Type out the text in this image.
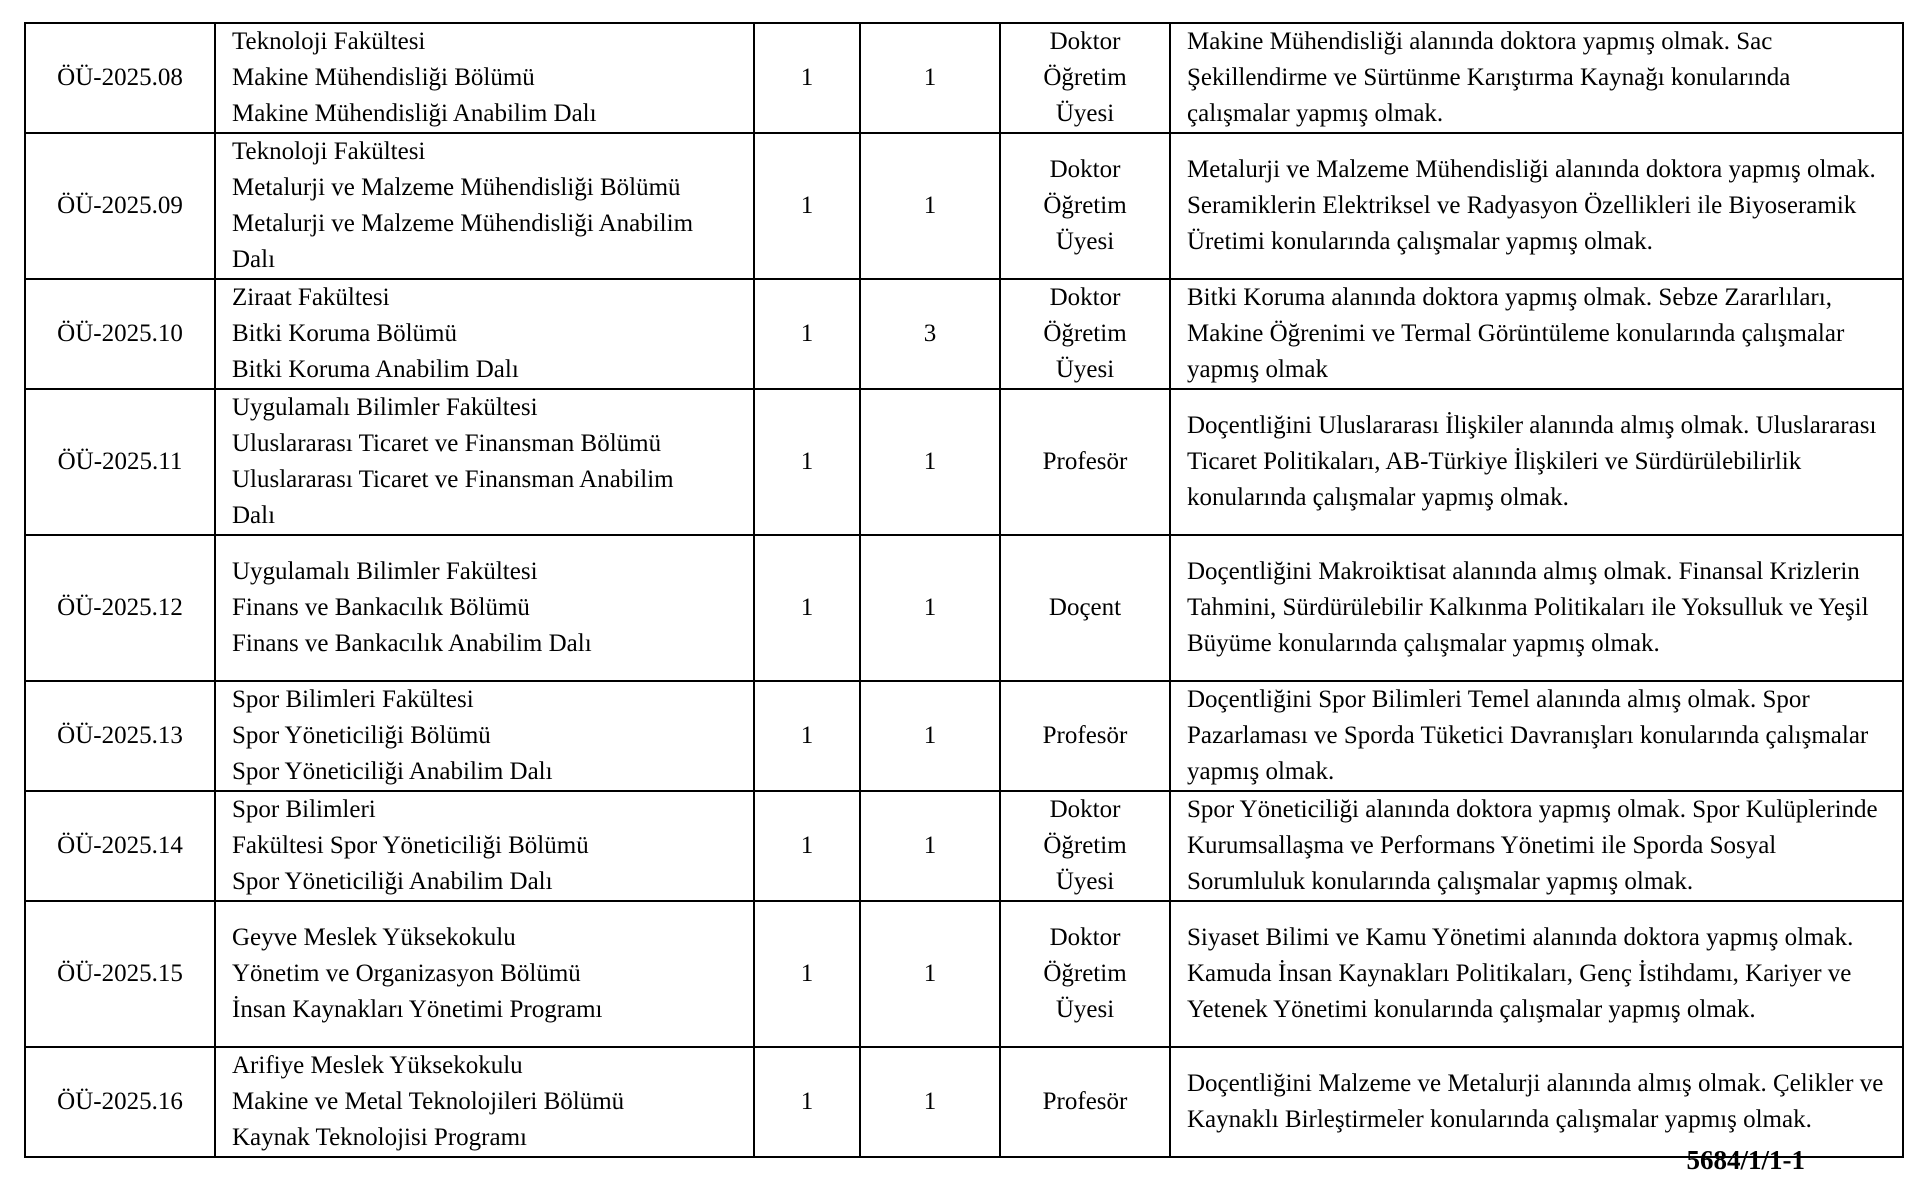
ÖÜ-2025.08	Teknoloji Fakültesi
Makine Mühendisliği Bölümü
Makine Mühendisliği Anabilim Dalı	1	1	Doktor
Öğretim
Üyesi	Makine Mühendisliği alanında doktora yapmış olmak. Sac Şekillendirme ve Sürtünme Karıştırma Kaynağı konularında çalışmalar yapmış olmak.

ÖÜ-2025.09	Teknoloji Fakültesi
Metalurji ve Malzeme Mühendisliği Bölümü
Metalurji ve Malzeme Mühendisliği Anabilim
Dalı	1	1	Doktor
Öğretim
Üyesi	Metalurji ve Malzeme Mühendisliği alanında doktora yapmış olmak. Seramiklerin Elektriksel ve Radyasyon Özellikleri ile Biyoseramik Üretimi konularında çalışmalar yapmış olmak.

ÖÜ-2025.10	Ziraat Fakültesi
Bitki Koruma Bölümü
Bitki Koruma Anabilim Dalı	1	3	Doktor
Öğretim
Üyesi	Bitki Koruma alanında doktora yapmış olmak. Sebze Zararlıları, Makine Öğrenimi ve Termal Görüntüleme konularında çalışmalar yapmış olmak

ÖÜ-2025.11	Uygulamalı Bilimler Fakültesi
Uluslararası Ticaret ve Finansman Bölümü
Uluslararası Ticaret ve Finansman Anabilim
Dalı	1	1	Profesör	Doçentliğini Uluslararası İlişkiler alanında almış olmak. Uluslararası Ticaret Politikaları, AB-Türkiye İlişkileri ve Sürdürülebilirlik konularında çalışmalar yapmış olmak.

ÖÜ-2025.12	Uygulamalı Bilimler Fakültesi
Finans ve Bankacılık Bölümü
Finans ve Bankacılık Anabilim Dalı	1	1	Doçent	Doçentliğini Makroiktisat alanında almış olmak. Finansal Krizlerin Tahmini, Sürdürülebilir Kalkınma Politikaları ile Yoksulluk ve Yeşil Büyüme konularında çalışmalar yapmış olmak.

ÖÜ-2025.13	Spor Bilimleri Fakültesi
Spor Yöneticiliği Bölümü
Spor Yöneticiliği Anabilim Dalı	1	1	Profesör	Doçentliğini Spor Bilimleri Temel alanında almış olmak. Spor Pazarlaması ve Sporda Tüketici Davranışları konularında çalışmalar yapmış olmak.

ÖÜ-2025.14	Spor Bilimleri
Fakültesi Spor Yöneticiliği Bölümü
Spor Yöneticiliği Anabilim Dalı	1	1	Doktor
Öğretim
Üyesi	Spor Yöneticiliği alanında doktora yapmış olmak. Spor Kulüplerinde Kurumsallaşma ve Performans Yönetimi ile Sporda Sosyal Sorumluluk konularında çalışmalar yapmış olmak.

ÖÜ-2025.15	Geyve Meslek Yüksekokulu
Yönetim ve Organizasyon Bölümü
İnsan Kaynakları Yönetimi Programı	1	1	Doktor
Öğretim
Üyesi	Siyaset Bilimi ve Kamu Yönetimi alanında doktora yapmış olmak. Kamuda İnsan Kaynakları Politikaları, Genç İstihdamı, Kariyer ve Yetenek Yönetimi konularında çalışmalar yapmış olmak.

ÖÜ-2025.16	Arifiye Meslek Yüksekokulu
Makine ve Metal Teknolojileri Bölümü
Kaynak Teknolojisi Programı	1	1	Profesör	Doçentliğini Malzeme ve Metalurji alanında almış olmak. Çelikler ve Kaynaklı Birleştirmeler konularında çalışmalar yapmış olmak.
5684/1/1-1
